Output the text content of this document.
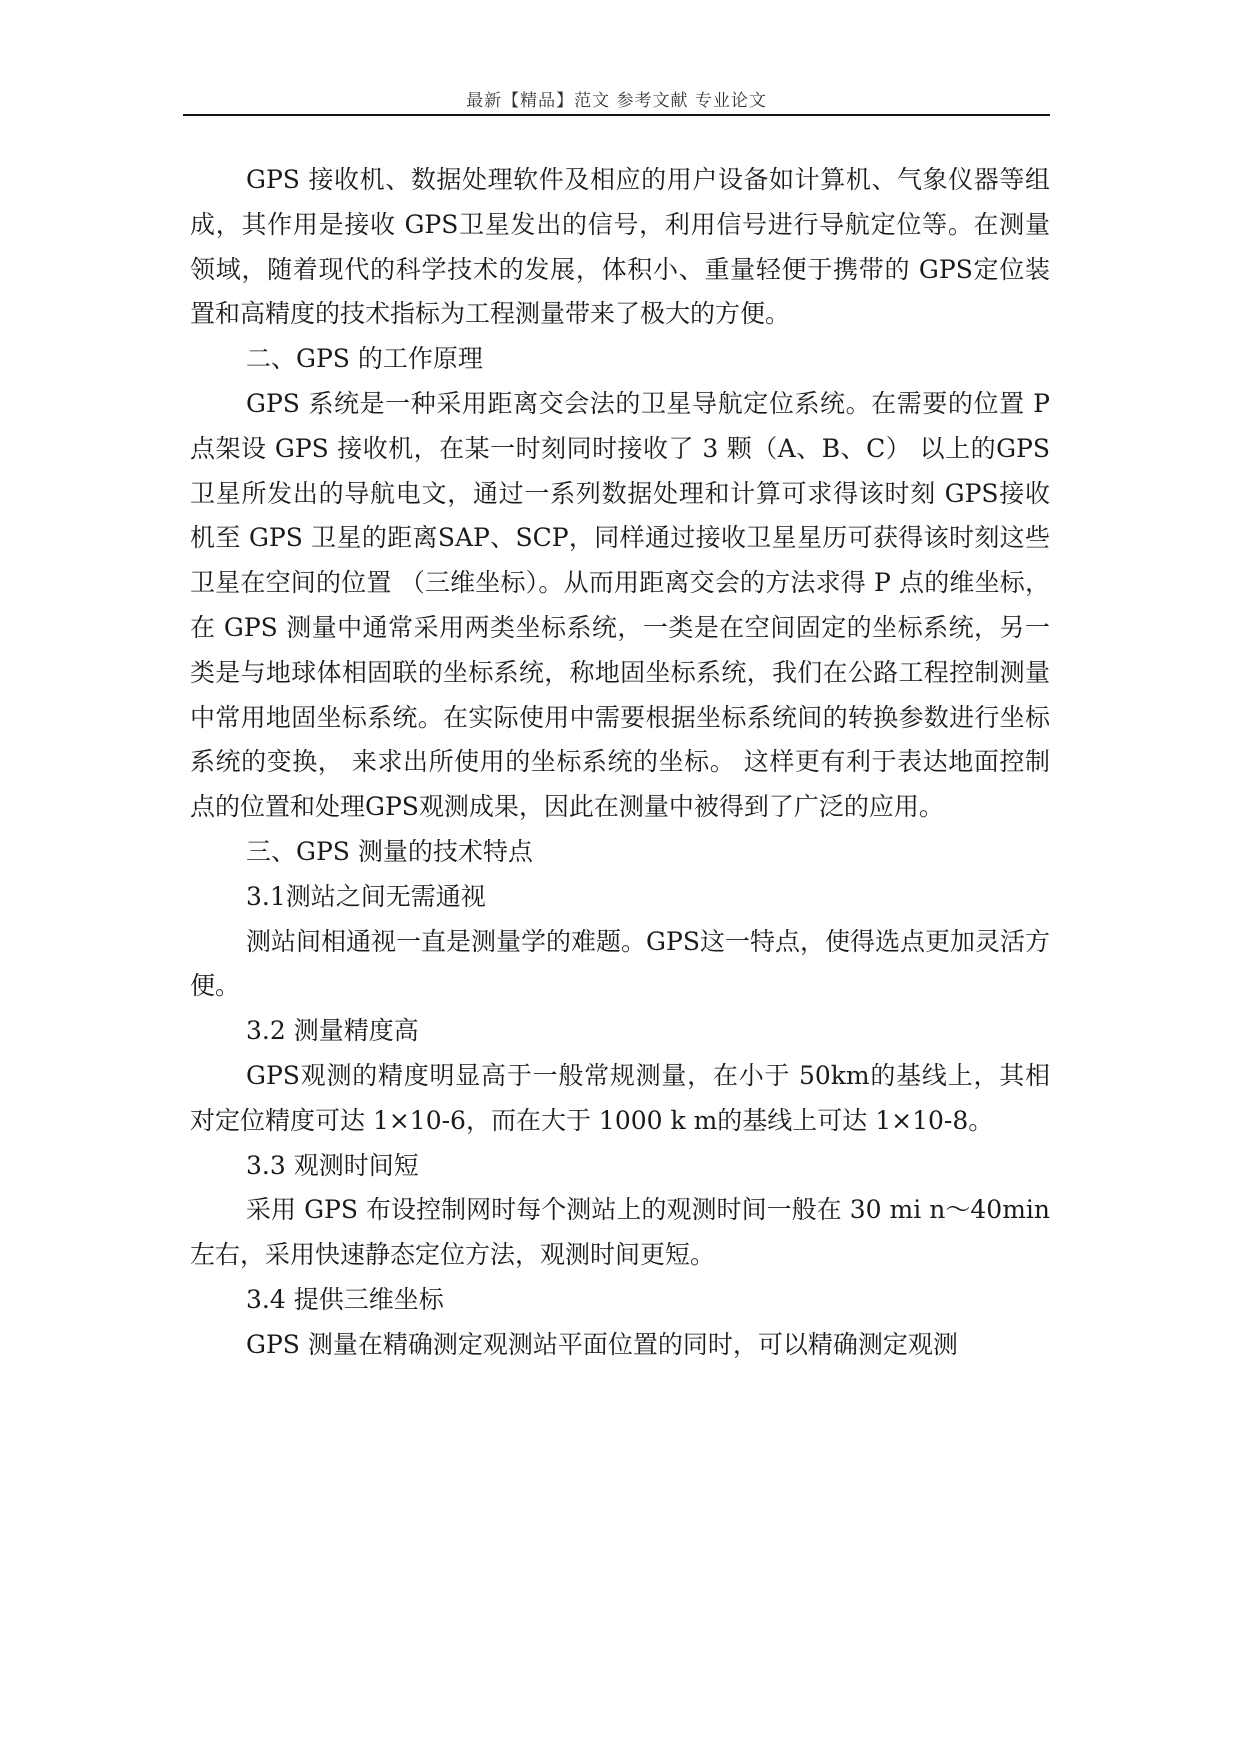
最新【精品】范文 参考文献 专业论文

GPS 接收机、数据处理软件及相应的用户设备如计算机、气象仪器等组成，其作用是接收 GPS卫星发出的信号，利用信号进行导航定位等。在测量领域，随着现代的科学技术的发展，体积小、重量轻便于携带的 GPS定位装置和高精度的技术指标为工程测量带来了极大的方便。

二、GPS 的工作原理

GPS 系统是一种采用距离交会法的卫星导航定位系统。在需要的位置 P 点架设 GPS 接收机，在某一时刻同时接收了 3 颗（A、B、C） 以上的GPS卫星所发出的导航电文，通过一系列数据处理和计算可求得该时刻 GPS接收机至 GPS 卫星的距离SAP、SCP，同样通过接收卫星星历可获得该时刻这些卫星在空间的位置 （三维坐标）。从而用距离交会的方法求得 P 点的维坐标，在 GPS 测量中通常采用两类坐标系统，一类是在空间固定的坐标系统，另一类是与地球体相固联的坐标系统，称地固坐标系统，我们在公路工程控制测量中常用地固坐标系统。在实际使用中需要根据坐标系统间的转换参数进行坐标系统的变换， 来求出所使用的坐标系统的坐标。 这样更有利于表达地面控制点的位置和处理GPS观测成果，因此在测量中被得到了广泛的应用。

三、GPS 测量的技术特点

3.1测站之间无需通视

测站间相通视一直是测量学的难题。GPS这一特点，使得选点更加灵活方便。

3.2 测量精度高

GPS观测的精度明显高于一般常规测量，在小于 50km的基线上，其相对定位精度可达 1×10-6，而在大于 1000 k m的基线上可达 1×10-8。

3.3 观测时间短

采用 GPS 布设控制网时每个测站上的观测时间一般在 30 mi n～40min 左右，采用快速静态定位方法，观测时间更短。

3.4 提供三维坐标

GPS 测量在精确测定观测站平面位置的同时，可以精确测定观测
